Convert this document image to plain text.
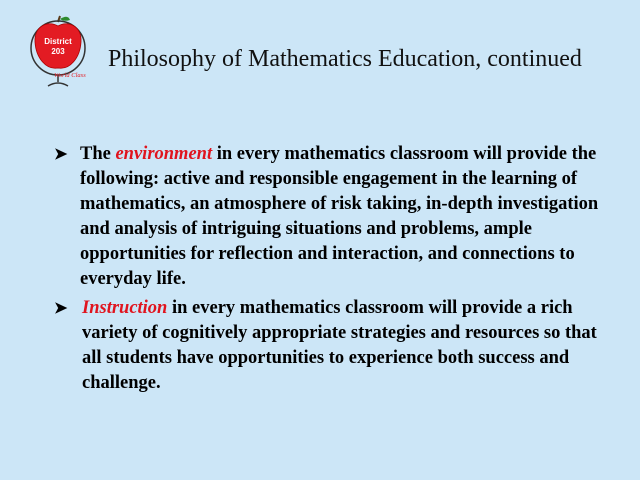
District
203
World Class
Philosophy of Mathematics Education, continued
➤ The environment in every mathematics classroom will provide the following: active and responsible engagement in the learning of mathematics, an atmosphere of risk taking, in-depth investigation and analysis of intriguing situations and problems, ample opportunities for reflection and interaction, and connections to everyday life.
➤ Instruction in every mathematics classroom will provide a rich variety of cognitively appropriate strategies and resources so that all students have opportunities to experience both success and challenge.
